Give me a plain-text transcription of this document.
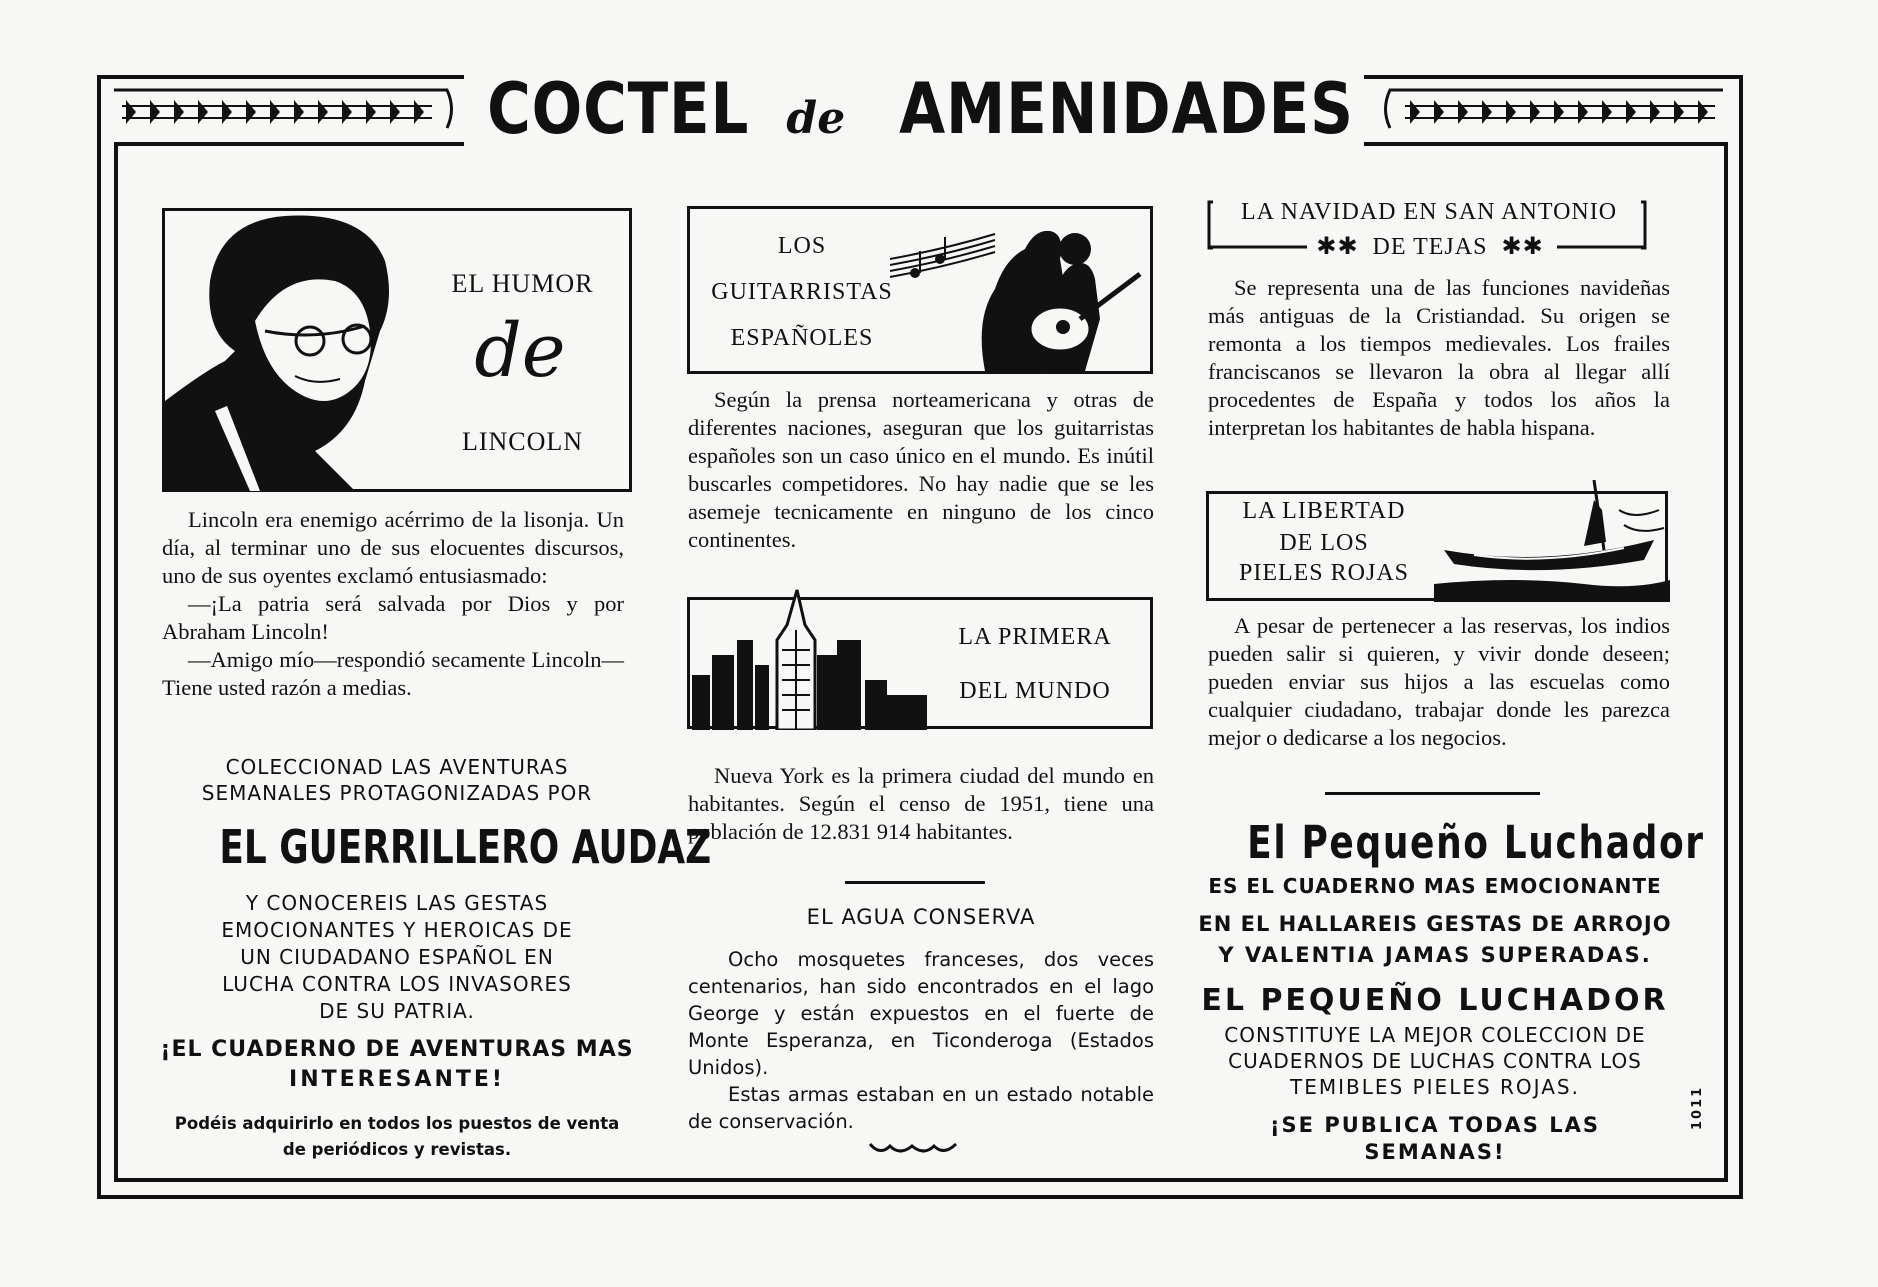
COCTEL de AMENIDADES
EL HUMOR
de
LINCOLN

Lincoln era enemigo acérrimo de la lisonja. Un día, al terminar uno de sus elocuentes discursos, uno de sus oyentes exclamó entusiasmado:

—¡La patria será salvada por Dios y por Abraham Lincoln!

—Amigo mío—respondió secamente Lincoln— Tiene usted razón a medias.

COLECCIONAD LAS AVENTURAS
SEMANALES PROTAGONIZADAS POR
EL GUERRILLERO AUDAZ
Y CONOCEREIS LAS GESTAS
EMOCIONANTES Y HEROICAS DE
UN CIUDADANO ESPAÑOL EN
LUCHA CONTRA LOS INVASORES
DE SU PATRIA.
¡EL CUADERNO DE AVENTURAS MAS
INTERESANTE!
Podéis adquirirlo en todos los puestos de venta
de periódicos y revistas.
LOS
GUITARRISTAS
ESPAÑOLES

Según la prensa norteamericana y otras de diferentes naciones, aseguran que los guitarristas españoles son un caso único en el mundo. Es inútil buscarles competidores. No hay nadie que se les asemeje tecnicamente en ninguno de los cinco continentes.

LA PRIMERA
DEL MUNDO

Nueva York es la primera ciudad del mundo en habitantes. Según el censo de 1951, tiene una población de 12.831 914 habitantes.

EL AGUA CONSERVA

Ocho mosquetes franceses, dos veces centenarios, han sido encontrados en el lago George y están expuestos en el fuerte de Monte Esperanza, en Ticonderoga (Estados Unidos).

Estas armas estaban en un estado notable de conservación.

LA NAVIDAD EN SAN ANTONIO
✱✱ DE TEJAS ✱✱

Se representa una de las funciones navideñas más antiguas de la Cristiandad. Su origen se remonta a los tiempos medievales. Los frailes franciscanos se llevaron la obra al llegar allí procedentes de España y todos los años la interpretan los habitantes de habla hispana.

LA LIBERTAD
DE LOS
PIELES ROJAS

A pesar de pertenecer a las reservas, los indios pueden salir si quieren, y vivir donde deseen; pueden enviar sus hijos a las escuelas como cualquier ciudadano, trabajar donde les parezca mejor o dedicarse a los negocios.

El Pequeño Luchador
ES EL CUADERNO MAS EMOCIONANTE
EN EL HALLAREIS GESTAS DE ARROJO
Y VALENTIA JAMAS SUPERADAS.
EL PEQUEÑO LUCHADOR
CONSTITUYE LA MEJOR COLECCION DE
CUADERNOS DE LUCHAS CONTRA LOS
TEMIBLES PIELES ROJAS.
¡SE PUBLICA TODAS LAS SEMANAS!
1011
